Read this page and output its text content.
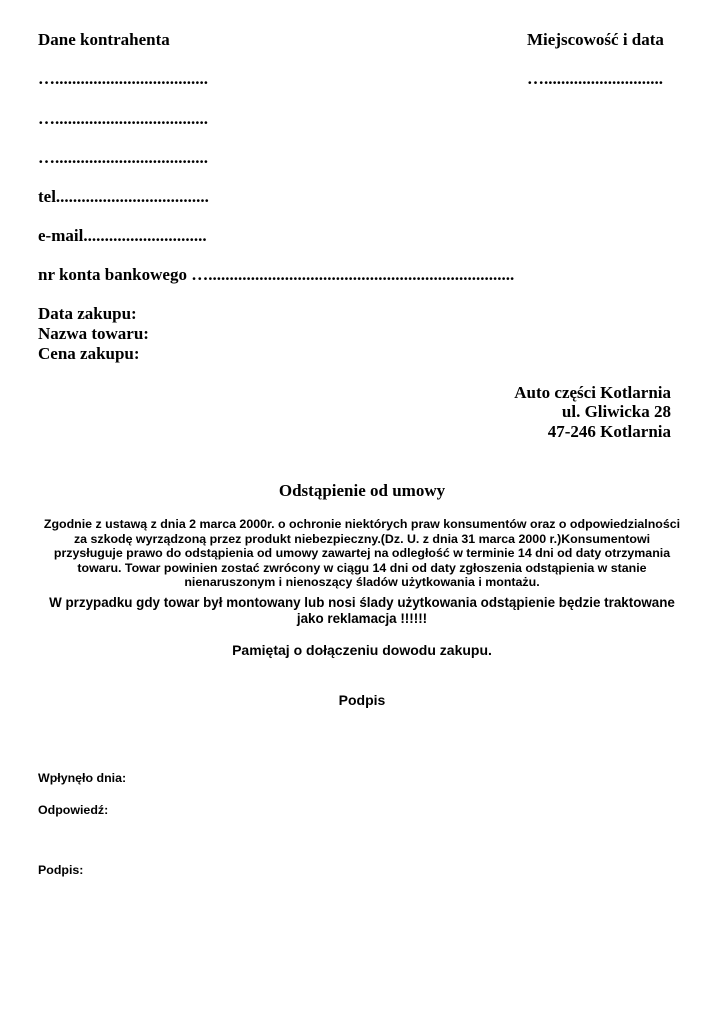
Dane kontrahenta
…....................................
…....................................
…....................................
tel....................................
e-mail.............................
nr konta bankowego …........................................................................
Miejscowość i data
…............................
Data zakupu:
Nazwa towaru:
Cena zakupu:
Auto części Kotlarnia
ul. Gliwicka 28
47-246 Kotlarnia
Odstąpienie od umowy
Zgodnie z ustawą z dnia 2 marca 2000r. o ochronie niektórych praw konsumentów oraz o odpowiedzialności
za szkodę wyrządzoną przez produkt niebezpieczny.(Dz. U. z dnia 31 marca 2000 r.)Konsumentowi
przysługuje prawo do odstąpienia od umowy zawartej na odległość w terminie 14 dni od daty otrzymania
towaru. Towar powinien zostać zwrócony w ciągu 14 dni od daty zgłoszenia odstąpienia w stanie
nienaruszonym i nienoszący śladów użytkowania i montażu.
W przypadku gdy towar był montowany lub nosi ślady użytkowania odstąpienie będzie traktowane
jako reklamacja !!!!!!
Pamiętaj o dołączeniu dowodu zakupu.
Podpis
Wpłynęło dnia:
Odpowiedź:
Podpis:
